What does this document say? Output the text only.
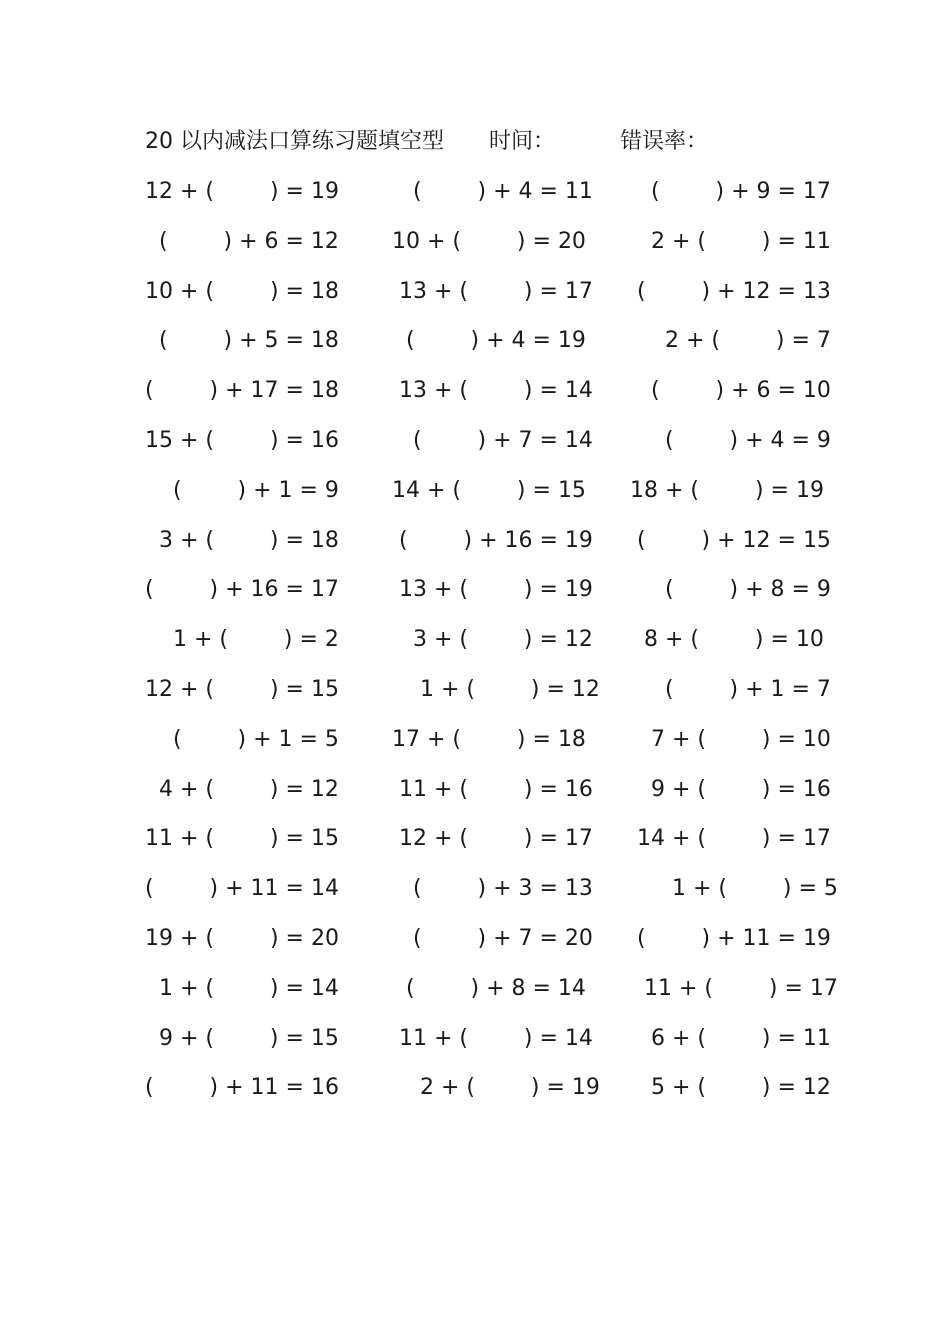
20 以内减法口算练习题填空型 时间：	错误率：
12 + (        ) = 19 (        ) + 4 = 11 (        ) + 9 = 17
(        ) + 6 = 12 10 + (        ) = 20 2 + (        ) = 11
10 + (        ) = 18 13 + (        ) = 17 (        ) + 12 = 13
(        ) + 5 = 18 (        ) + 4 = 19 2 + (        ) = 7
(        ) + 17 = 18 13 + (        ) = 14 (        ) + 6 = 10
15 + (        ) = 16 (        ) + 7 = 14 (        ) + 4 = 9
(        ) + 1 = 9 14 + (        ) = 15 18 + (        ) = 19
3 + (        ) = 18 (        ) + 16 = 19 (        ) + 12 = 15
(        ) + 16 = 17 13 + (        ) = 19 (        ) + 8 = 9
1 + (        ) = 2 3 + (        ) = 12 8 + (        ) = 10
12 + (        ) = 15 1 + (        ) = 12 (        ) + 1 = 7
(        ) + 1 = 5 17 + (        ) = 18 7 + (        ) = 10
4 + (        ) = 12 11 + (        ) = 16 9 + (        ) = 16
11 + (        ) = 15 12 + (        ) = 17 14 + (        ) = 17
(        ) + 11 = 14 (        ) + 3 = 13 1 + (        ) = 5
19 + (        ) = 20 (        ) + 7 = 20 (        ) + 11 = 19
1 + (        ) = 14 (        ) + 8 = 14 11 + (        ) = 17
9 + (        ) = 15 11 + (        ) = 14 6 + (        ) = 11
(        ) + 11 = 16 2 + (        ) = 19 5 + (        ) = 12
